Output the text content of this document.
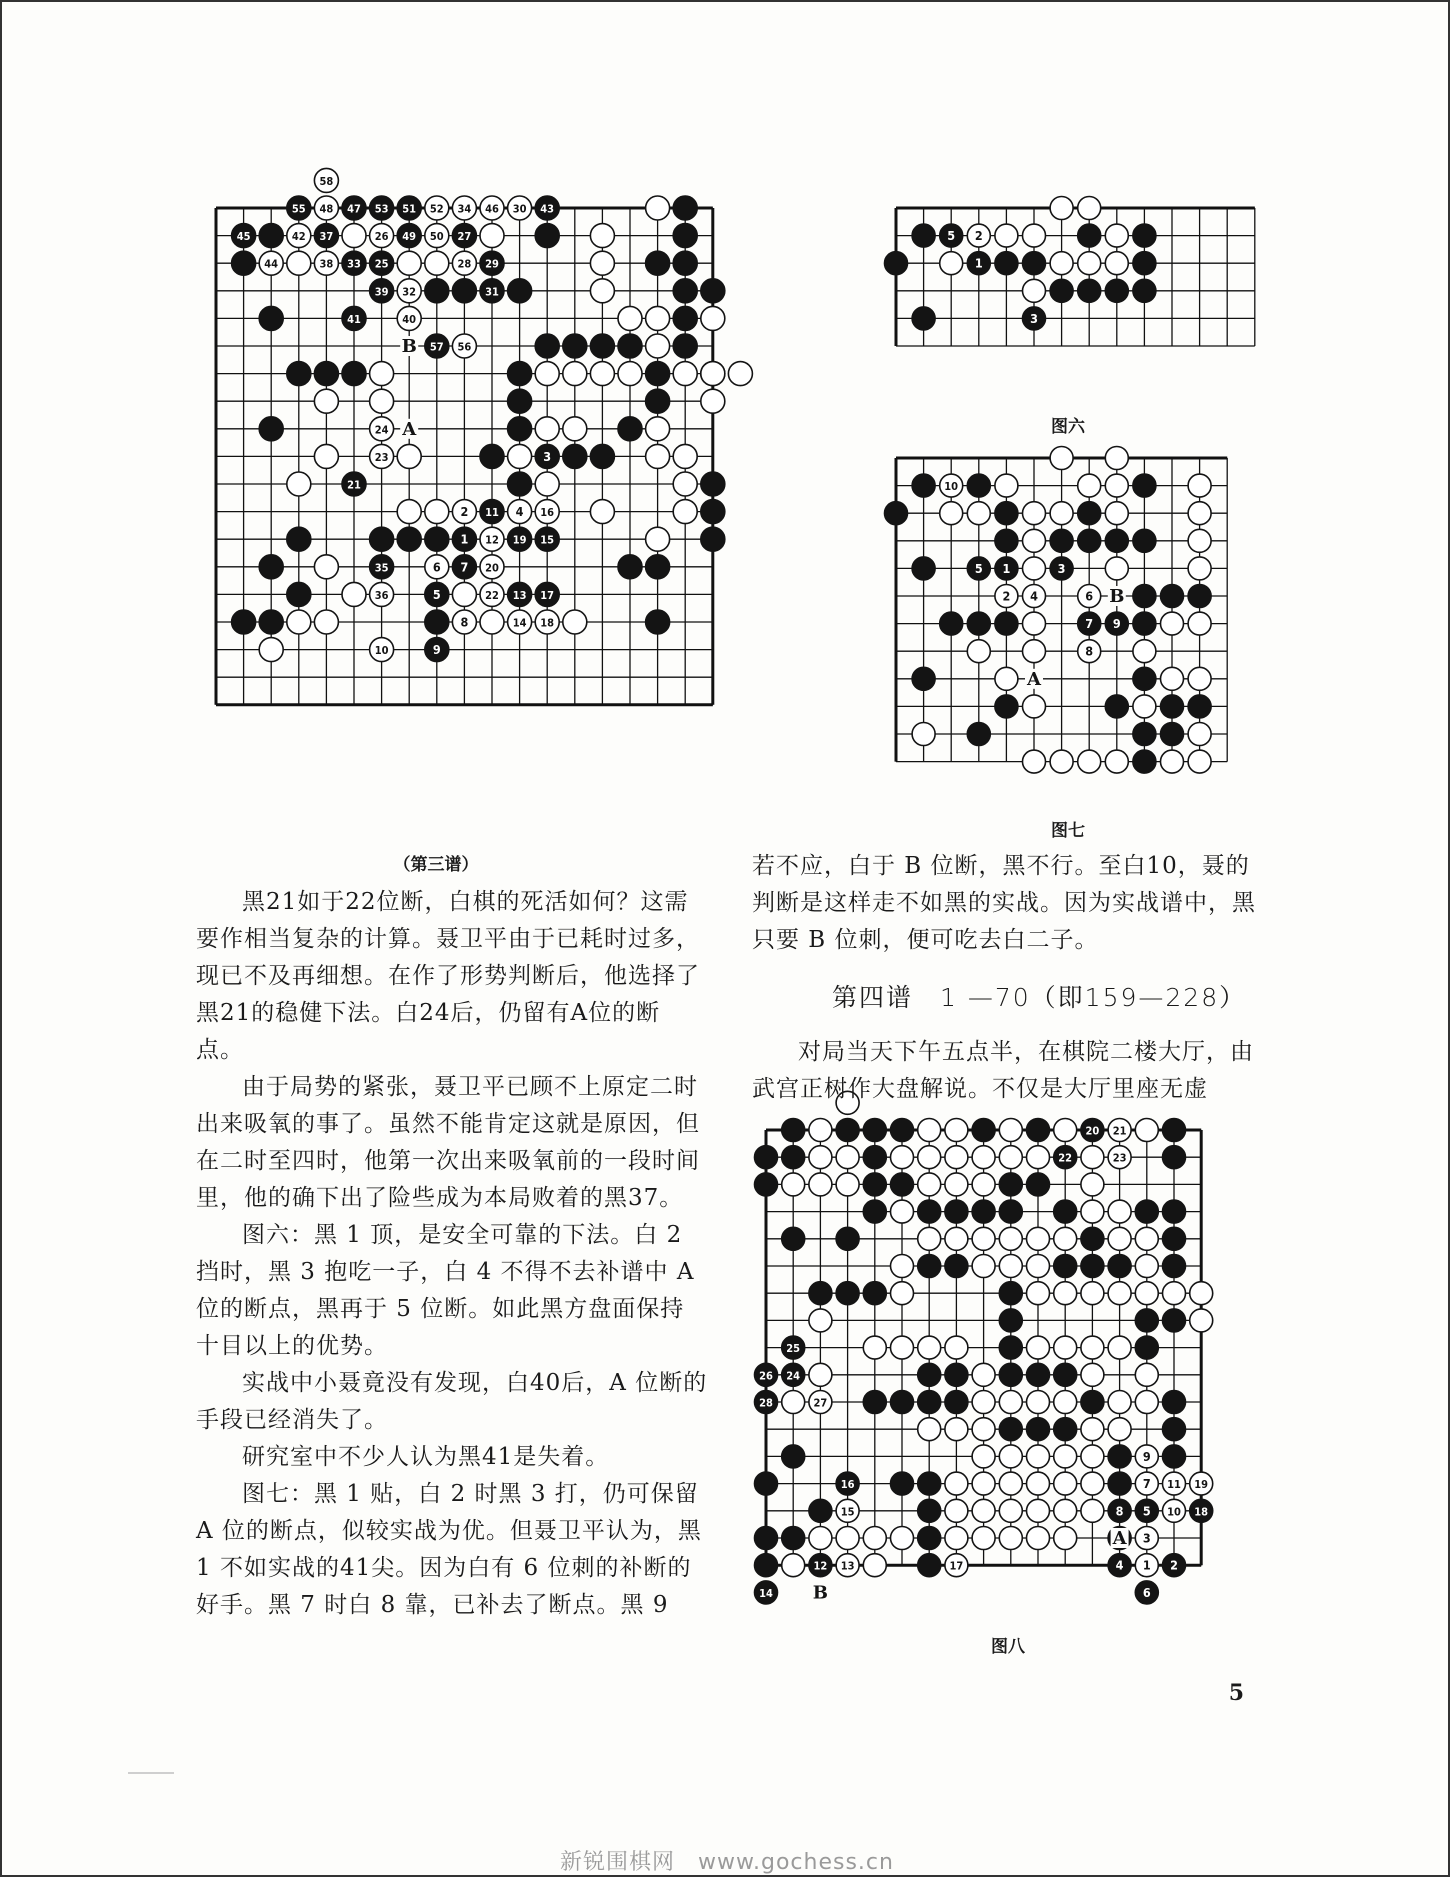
55 48 47 53 51 52 34 46 30 43
45	42 37	26 49 50 27
44	38 33 25	28 29
39 32	31
41	40
57 56
24
23	3
21
2 11 4 16
1 12 19 15
35	6 7 20
36	5	22 13 17
8	14 18
10	9
58
B
A
（第三谱）
5 2
1
3
图六
10
5 1	3
2 4	6
7 9
8
B
A
图七
20 21
22	23
25
26 24
28	27
9
16	7 11 19
15	8 5 10 18
3
12 13	17	4 1 2
14	6
A
B
图八

黑21如于22位断，白棋的死活如何？这需要作相当复杂的计算。聂卫平由于已耗时过多，现已不及再细想。在作了形势判断后，他选择了黑21的稳健下法。白24后，仍留有A位的断点。

由于局势的紧张，聂卫平已顾不上原定二时出来吸氧的事了。虽然不能肯定这就是原因，但在二时至四时，他第一次出来吸氧前的一段时间里，他的确下出了险些成为本局败着的黑37。

图六：黑 1 顶，是安全可靠的下法。白 2 挡时，黑 3 抱吃一子，白 4 不得不去补谱中 A 位的断点，黑再于 5 位断。如此黑方盘面保持十目以上的优势。

实战中小聂竟没有发现，白40后，A 位断的手段已经消失了。

研究室中不少人认为黑41是失着。

图七：黑 1 贴，白 2 时黑 3 打，仍可保留 A 位的断点，似较实战为优。但聂卫平认为，黑 1 不如实战的41尖。因为白有 6 位刺的补断的好手。黑 7 时白 8 靠，已补去了断点。黑 9

若不应，白于 B 位断，黑不行。至白10，聂的判断是这样走不如黑的实战。因为实战谱中，黑只要 B 位刺，便可吃去白二子。

第四谱　1 —70（即159—228）

对局当天下午五点半，在棋院二楼大厅，由武宫正树作大盘解说。不仅是大厅里座无虚

5
新锐围棋网　www.gochess.cn
